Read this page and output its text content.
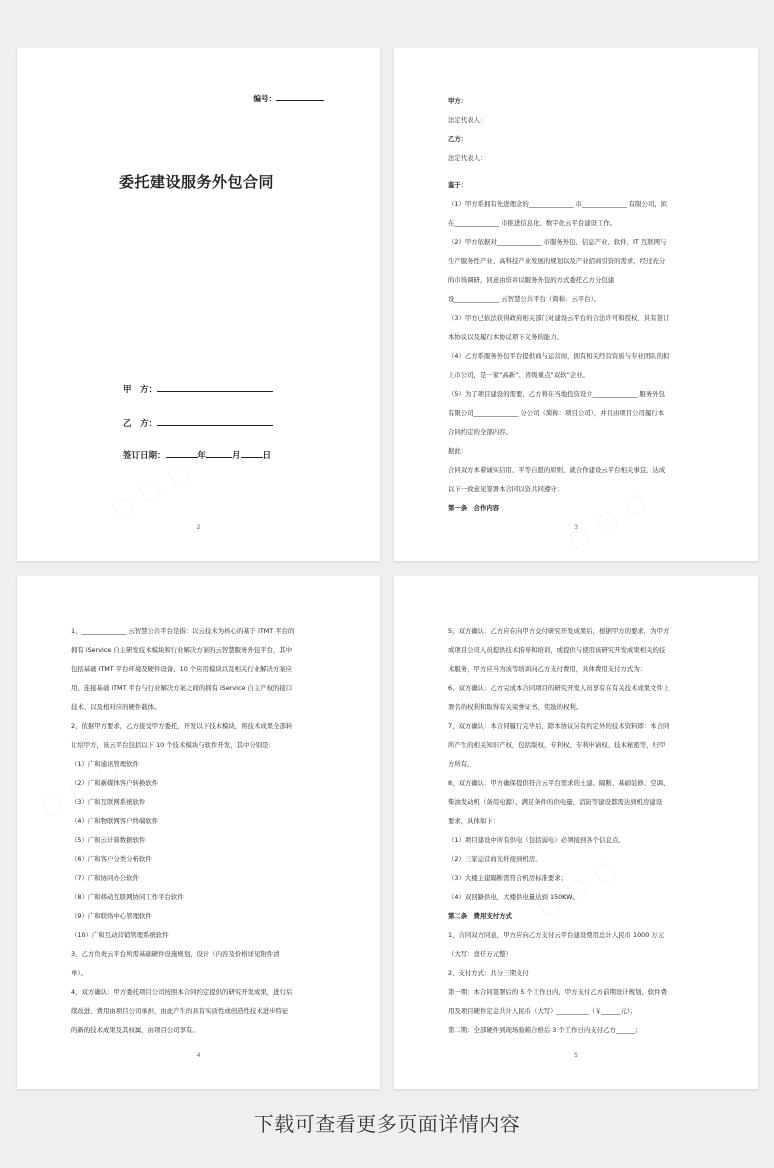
编号：
委托建设服务外包合同
甲　方：
乙　方：
签订日期：	年	月	日
2

甲方：

法定代表人：

乙方：

法定代表人：

鉴于：

（1）甲方系拥有先进理念的______________ 市______________ 有限公司，拟

在______________ 市推进信息化、数字化云平台建设工作。

（2）甲方依据对______________ 市服务外包、信息产业、软件、IT 互联网与

生产服务性产业、高科技产业发展的规划以及产业招商引资的需求，经过充分

的市场调研，同意由资并以服务外包的方式委托乙方分包建

设______________ 云智慧公共平台（简称：云平台）。

（3）甲方已依法获得政府相关部门对建设云平台的合法许可和授权，具有签订

本协议以及履行本协议项下义务的能力。

（4）乙方系服务外包平台提供商与运营商，拥有相关经营资质与专业团队的拟

上市公司，是一家“高新”、省级重点“双软”企业。

（5）为了项目建设的需要，乙方将在当地投资设立______________ 服务外包

有限公司______________ 分公司（简称：项目公司），并且由项目公司履行本

合同约定的全部内容。

据此：

合同双方本着诚实信用、平等自愿的原则，就合作建设云平台相关事宜，达成

以下一致意见签署本合同以资共同遵守：

第一条　合作内容

3

1、______________ 云智慧公共平台是指：以云技术为核心的基于 iTMT 平台的

拥有 iService 自主研发技术模块和行业解决方案的云智慧服务外包平台，其中

包括基础 iTMT 平台环境及硬件设备、10 个应用模块以及相关行业解决方案应

用、连接基础 iTMT 平台与行业解决方案之间的拥有 iService 自主产权的接口

技术、以及相对应的硬件载体。

2、依据甲方要求，乙方接受甲方委托，开发以下技术模块，将技术成果全部转

让给甲方，该云平台包括以下 10 个技术模块与软件开发，其中分别是：

（1）广和通讯管理软件

（2）广和新媒体客户转换软件

（3）广和互联网系统软件

（4）广和物联网客户终端软件

（5）广和云计算数据软件

（6）广和客户分类分析软件

（7）广和协同办公软件

（8）广和移动互联网协同工作平台软件

（9）广和联络中心管理软件

（10）广和互动营销管理系统软件

3、乙方负责云平台所需基础硬件设施规划、设计（内容及价格详见附件清

单）。

4、双方确认：甲方委托项目公司按照本合同约定提供的研究开发成果，进行后

续改进、费用由项目公司承担，由此产生的具有实质性或创造性技术进步特征

的新的技术成果及其权属，由项目公司享有。

4

5、双方确认：乙方应在向甲方交付研究开发成果后，根据甲方的要求，为甲方

或项目公司人员提供技术指导和培训，或提供与使用该研究开发成果相关的技

术服务，甲方应当为该等培训向乙方支付费用，具体费用支付方式为：

6、双方确认：乙方完成本合同项目的研究开发人员享有在有关技术成果文件上

署名的权利和取得有关荣誉证书、奖励的权利。

7、双方确认：本合同履行完毕后，除本协议另有约定外的技术资料即：本合同

所产生的相关知识产权，包括版权、专利权、专利申请权、技术秘密等，归甲

方所有。

8、双方确认：甲方确保提供符合云平台需求的土建、隔断、基础装修、空调、

柴油发动机（备用电源）、满足条件的供电量、消防等建设都需达到机房建设

要求，具体如下：

（1）项目建设中所有供电（包括弱电）必须接到各个信息点。

（2）三家运营商光纤接到机房。

（3）大楼主建隔断需符合机房标准要求；

（4）双回路供电，大楼供电量达到 150KW。

第二条　费用支付方式

1、合同双方同意，甲方应向乙方支付云平台建设费用总计人民币 1000 万元

（大写：壹仟万元整）

2、支付方式：共分三期支付

第一期：本合同签署后的 5 个工作日内，甲方支付乙方前期设计规划、软件费

用及项目硬件定金共计人民币（大写）__________（￥______元）；

第二期：全部硬件到现场验箱合格后 3 个工作日内支付乙方______；

5
下载可查看更多页面详情内容
